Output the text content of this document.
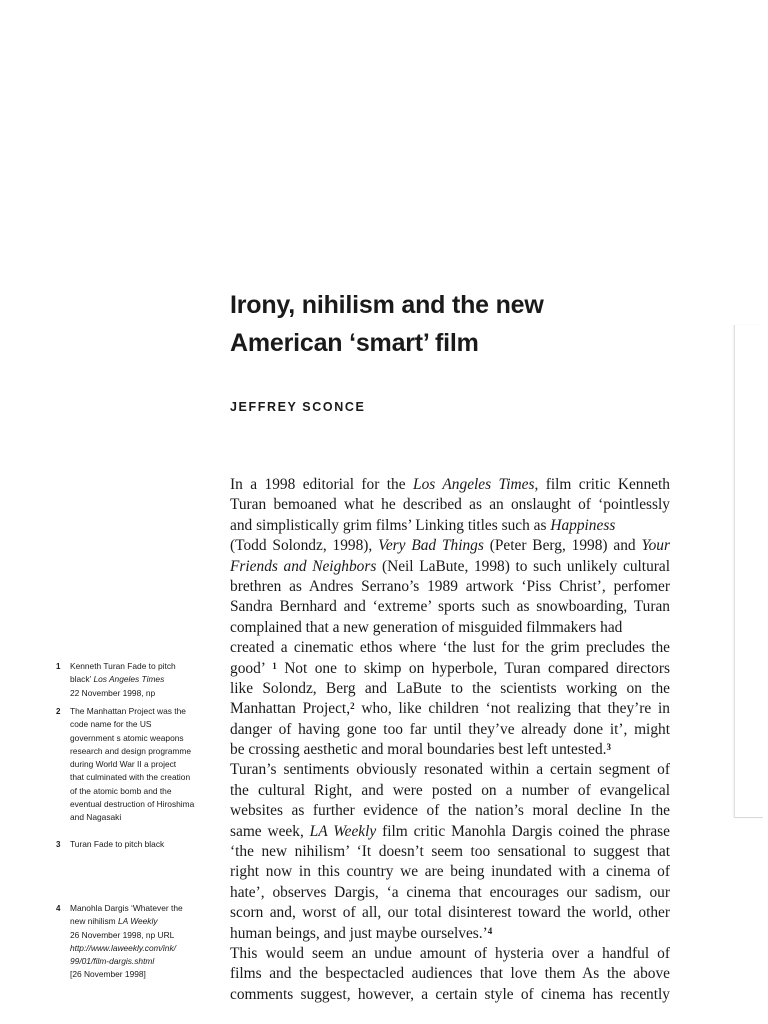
Irony, nihilism and the new
American ‘smart’ film
JEFFREY SCONCE
In a 1998 editorial for the Los Angeles Times, film critic Kenneth
Turan bemoaned what he described as an onslaught of ‘pointlessly
and simplistically grim films’ Linking titles such as Happiness
(Todd Solondz, 1998), Very Bad Things (Peter Berg, 1998) and Your
Friends and Neighbors (Neil LaBute, 1998) to such unlikely cultural
brethren as Andres Serrano’s 1989 artwork ‘Piss Christ’, perfomer
Sandra Bernhard and ‘extreme’ sports such as snowboarding, Turan
complained that a new generation of misguided filmmakers had
created a cinematic ethos where ‘the lust for the grim precludes the
good’ $^1$ Not one to skimp on hyperbole, Turan compared directors
like Solondz, Berg and LaBute to the scientists working on the
Manhattan Project,$^2$ who, like children ‘not realizing that they’re in
danger of having gone too far until they’ve already done it’, might
be crossing aesthetic and moral boundaries best left untested.$^3$
Turan’s sentiments obviously resonated within a certain segment of
the cultural Right, and were posted on a number of evangelical
websites as further evidence of the nation’s moral decline In the
same week, LA Weekly film critic Manohla Dargis coined the phrase
‘the new nihilism’ ‘It doesn’t seem too sensational to suggest that
right now in this country we are being inundated with a cinema of
hate’, observes Dargis, ‘a cinema that encourages our sadism, our
scorn and, worst of all, our total disinterest toward the world, other
human beings, and just maybe ourselves.’$^4$
This would seem an undue amount of hysteria over a handful of
films and the bespectacled audiences that love them As the above
comments suggest, however, a certain style of cinema has recently
1 Kenneth Turan Fade to pitch
black’ Los Angeles Times
22 November 1998, np
2 The Manhattan Project was the
code name for the US
government s atomic weapons
research and design programme
during World War II a project
that culminated with the creation
of the atomic bomb and the
eventual destruction of Hiroshima
and Nagasaki
3 Turan Fade to pitch black
4 Manohla Dargis ‘Whatever the
new nihilism LA Weekly
26 November 1998, np URL
http://www.laweekly.com/ink/
99/01/film-dargis.shtml
[26 November 1998]
